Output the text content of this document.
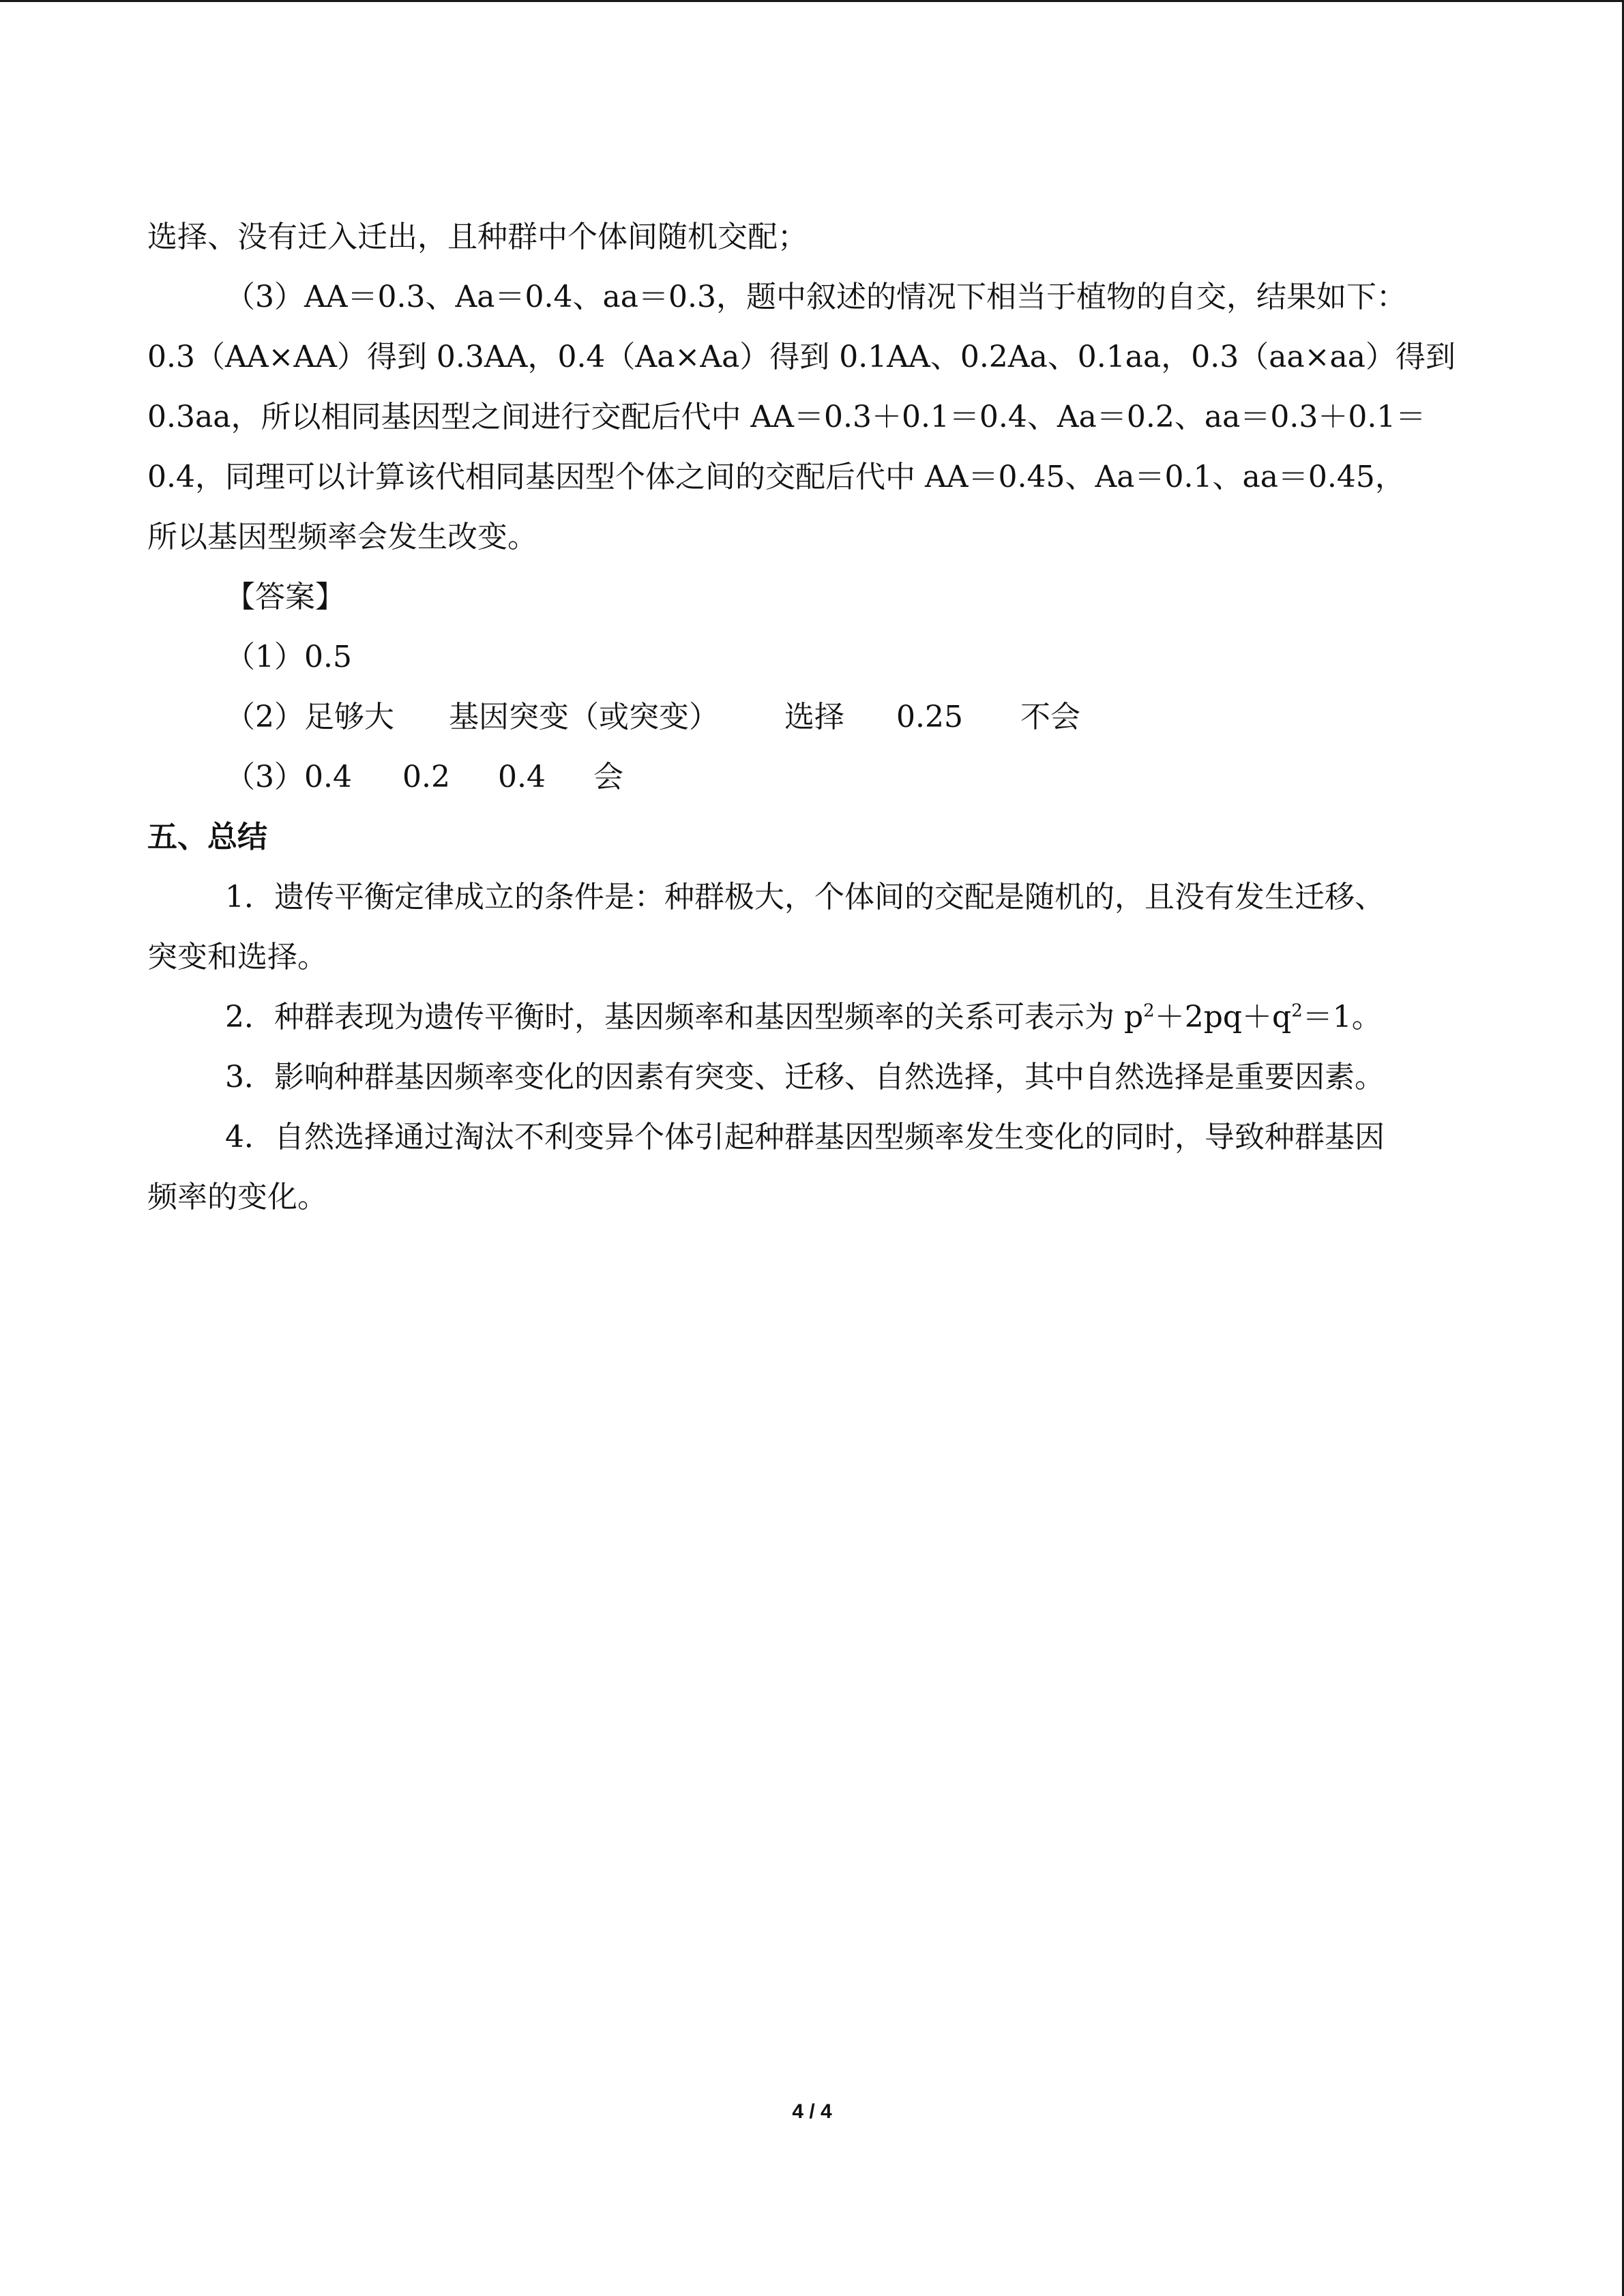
选择、没有迁入迁出，且种群中个体间随机交配；

（3）AA＝0.3、Aa＝0.4、aa＝0.3，题中叙述的情况下相当于植物的自交，结果如下：

0.3（AA×AA）得到 0.3AA，0.4（Aa×Aa）得到 0.1AA、0.2Aa、0.1aa，0.3（aa×aa）得到

0.3aa，所以相同基因型之间进行交配后代中 AA＝0.3＋0.1＝0.4、Aa＝0.2、aa＝0.3＋0.1＝

0.4，同理可以计算该代相同基因型个体之间的交配后代中 AA＝0.45、Aa＝0.1、aa＝0.45，

所以基因型频率会发生改变。

【答案】

（1）0.5

（2）足够大 基因突变（或突变） 选择 0.25 不会

（3）0.4 0.2 0.4 会

五、总结

1．遗传平衡定律成立的条件是：种群极大，个体间的交配是随机的，且没有发生迁移、

突变和选择。

2．种群表现为遗传平衡时，基因频率和基因型频率的关系可表示为 $p^2+2pq+q^2=1$。

3．影响种群基因频率变化的因素有突变、迁移、自然选择，其中自然选择是重要因素。

4．自然选择通过淘汰不利变异个体引起种群基因型频率发生变化的同时，导致种群基因

频率的变化。

4 / 4
